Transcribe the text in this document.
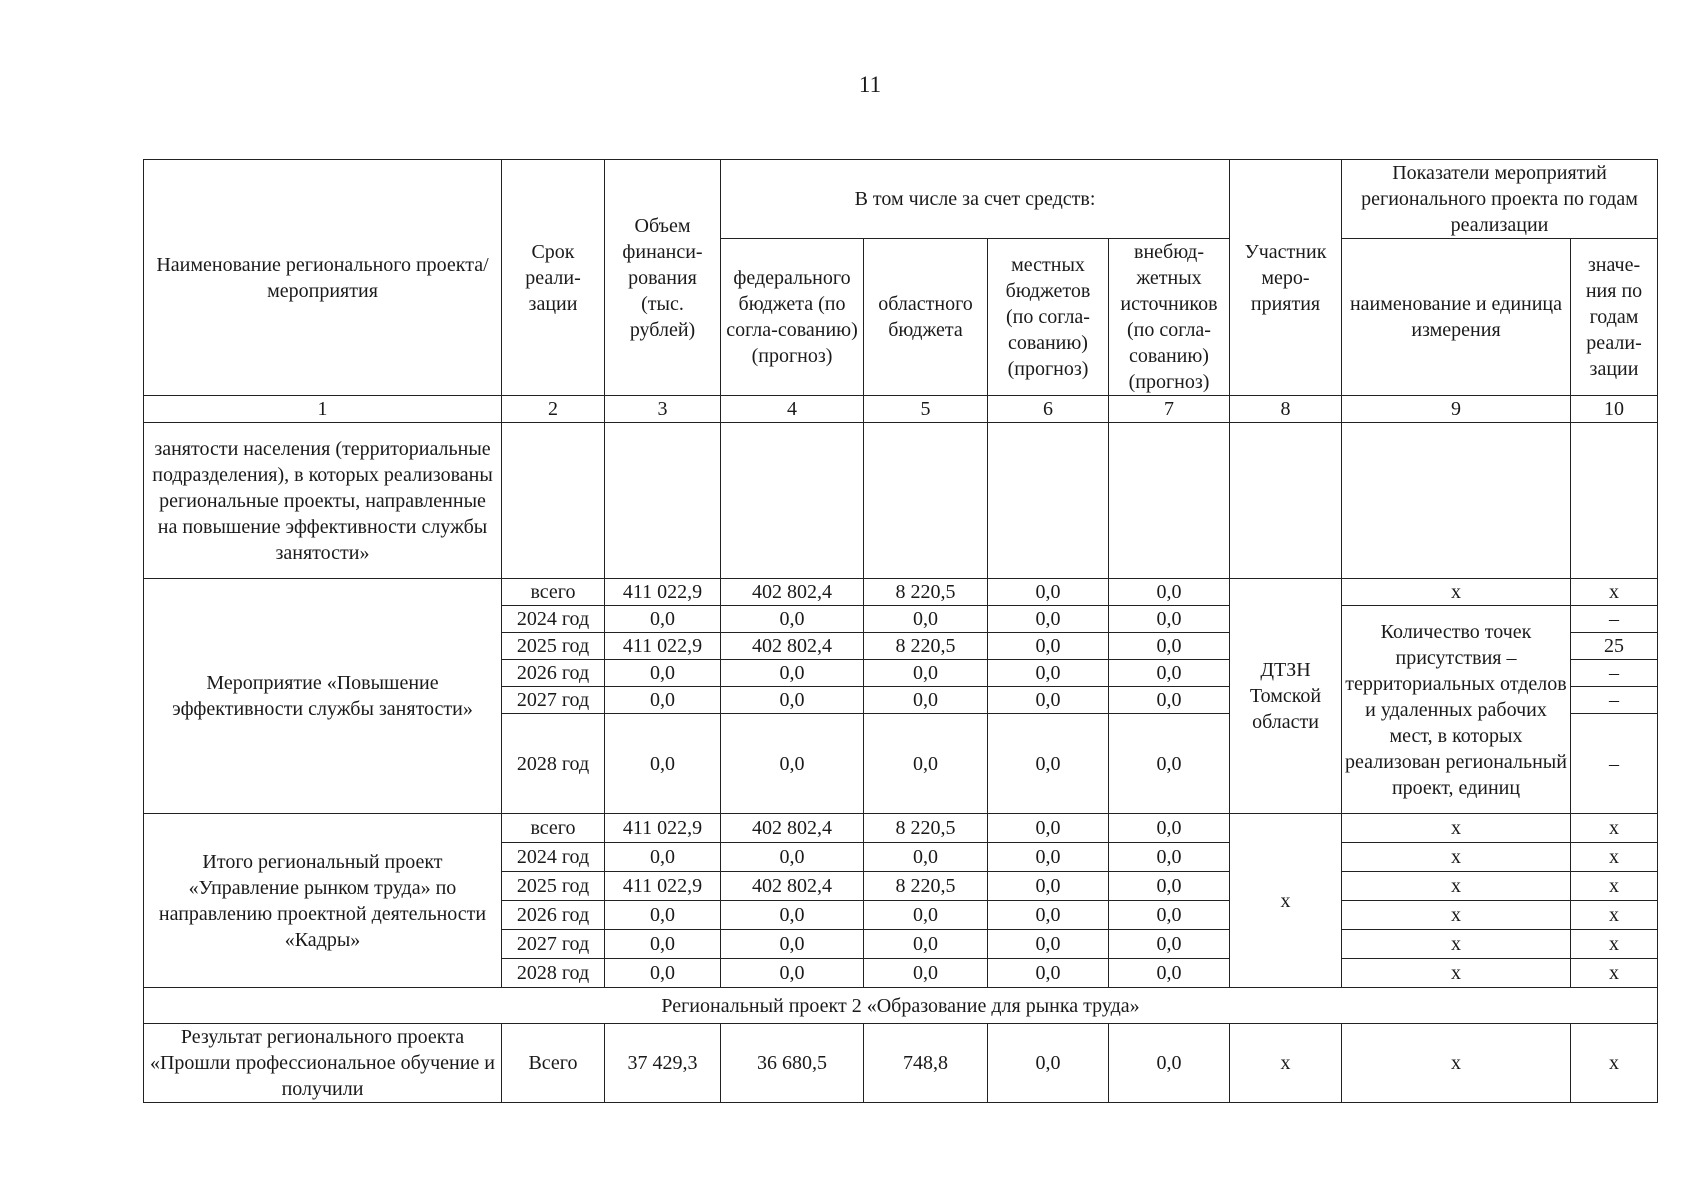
11
Наименование регионального проекта/мероприятия	Срок реали-зации	Объем финанси-рования (тыс. рублей)	В том числе за счет средств:				Участник меро-приятия	Показатели мероприятий регионального проекта по годам реализации	
			федерального бюджета (по согла-сованию) (прогноз)	областного бюджета	местных бюджетов (по согла-сованию) (прогноз)	внебюд-жетных источников (по согла-сованию) (прогноз)		наименование и единица измерения	значе-ния по годам реали-зации
1	2	3	4	5	6	7	8	9	10
занятости населения (территориальные подразделения), в которых реализованы региональные проекты, направленные на повышение эффективности службы занятости»									
Мероприятие «Повышение эффективности службы занятости»	всего	411 022,9	402 802,4	8 220,5	0,0	0,0	ДТЗН Томской области	х	х
	2024 год	0,0	0,0	0,0	0,0	0,0		Количество точек присутствия – территориальных отделов и удаленных рабочих мест, в которых реализован региональный проект, единиц	–
	2025 год	411 022,9	402 802,4	8 220,5	0,0	0,0			25
	2026 год	0,0	0,0	0,0	0,0	0,0			–
	2027 год	0,0	0,0	0,0	0,0	0,0			–
	2028 год	0,0	0,0	0,0	0,0	0,0			–
Итого региональный проект «Управление рынком труда» по направлению проектной деятельности «Кадры»	всего	411 022,9	402 802,4	8 220,5	0,0	0,0	х	х	х
	2024 год	0,0	0,0	0,0	0,0	0,0		х	х
	2025 год	411 022,9	402 802,4	8 220,5	0,0	0,0		х	х
	2026 год	0,0	0,0	0,0	0,0	0,0		х	х
	2027 год	0,0	0,0	0,0	0,0	0,0		х	х
	2028 год	0,0	0,0	0,0	0,0	0,0		х	х
Региональный проект 2 «Образование для рынка труда»									
Результат регионального проекта «Прошли профессиональное обучение и получили	Всего	37 429,3	36 680,5	748,8	0,0	0,0	х	х	х
